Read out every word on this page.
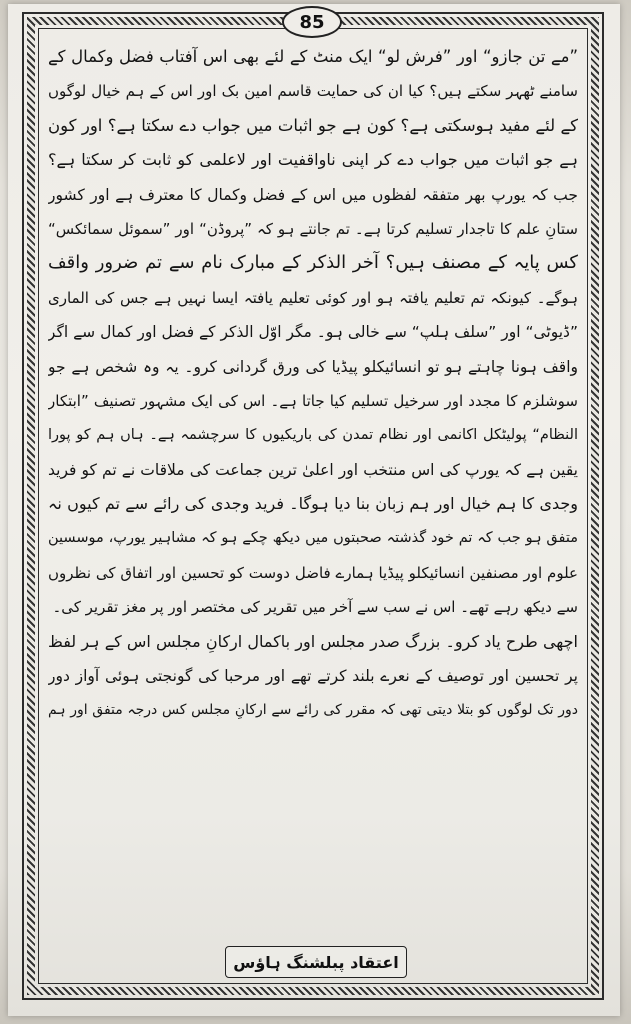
85
”مے تن جازو“ اور ”فرش لو“ ایک منٹ کے لئے بھی اس آفتاب فضل وکمال کے
سامنے ٹھہر سکتے ہیں؟ کیا ان کی حمایت قاسم امین بک اور اس کے ہم خیال لوگوں
کے لئے مفید ہوسکتی ہے؟ کون ہے جو اثبات میں جواب دے سکتا ہے؟ اور کون
ہے جو اثبات میں جواب دے کر اپنی ناواقفیت اور لاعلمی کو ثابت کر سکتا ہے؟
جب کہ یورپ بھر متفقہ لفظوں میں اس کے فضل وکمال کا معترف ہے اور کشور
ستانِ علم کا تاجدار تسلیم کرتا ہے۔ تم جانتے ہو کہ ”پروڈن“ اور ”سموئل سمائکس“
کس پایہ کے مصنف ہیں؟ آخر الذکر کے مبارک نام سے تم ضرور واقف
ہوگے۔ کیونکہ تم تعلیم یافتہ ہو اور کوئی تعلیم یافتہ ایسا نہیں ہے جس کی الماری
”ڈیوٹی“ اور ”سلف ہلپ“ سے خالی ہو۔ مگر اوّل الذکر کے فضل اور کمال سے اگر
واقف ہونا چاہتے ہو تو انسائیکلو پیڈیا کی ورق گردانی کرو۔ یہ وہ شخص ہے جو
سوشلزم کا مجدد اور سرخیل تسلیم کیا جاتا ہے۔ اس کی ایک مشہور تصنیف ”ابتکار
النظام“ پولیٹکل اکانمی اور نظام تمدن کی باریکیوں کا سرچشمہ ہے۔ ہاں ہم کو پورا
یقین ہے کہ یورپ کی اس منتخب اور اعلیٰ ترین جماعت کی ملاقات نے تم کو فرید
وجدی کا ہم خیال اور ہم زبان بنا دیا ہوگا۔ فرید وجدی کی رائے سے تم کیوں نہ
متفق ہو جب کہ تم خود گذشتہ صحبتوں میں دیکھ چکے ہو کہ مشاہیر یورپ، موسسین
علوم اور مصنفین انسائیکلو پیڈیا ہمارے فاضل دوست کو تحسین اور اتفاق کی نظروں
سے دیکھ رہے تھے۔ اس نے سب سے آخر میں تقریر کی مختصر اور پر مغز تقریر کی۔
اچھی طرح یاد کرو۔ بزرگ صدر مجلس اور باکمال ارکانِ مجلس اس کے ہر لفظ
پر تحسین اور توصیف کے نعرے بلند کرتے تھے اور مرحبا کی گونجتی ہوئی آواز دور
دور تک لوگوں کو بتلا دیتی تھی کہ مقرر کی رائے سے ارکانِ مجلس کس درجہ متفق اور ہم
اعتقاد پبلشنگ ہاؤس
